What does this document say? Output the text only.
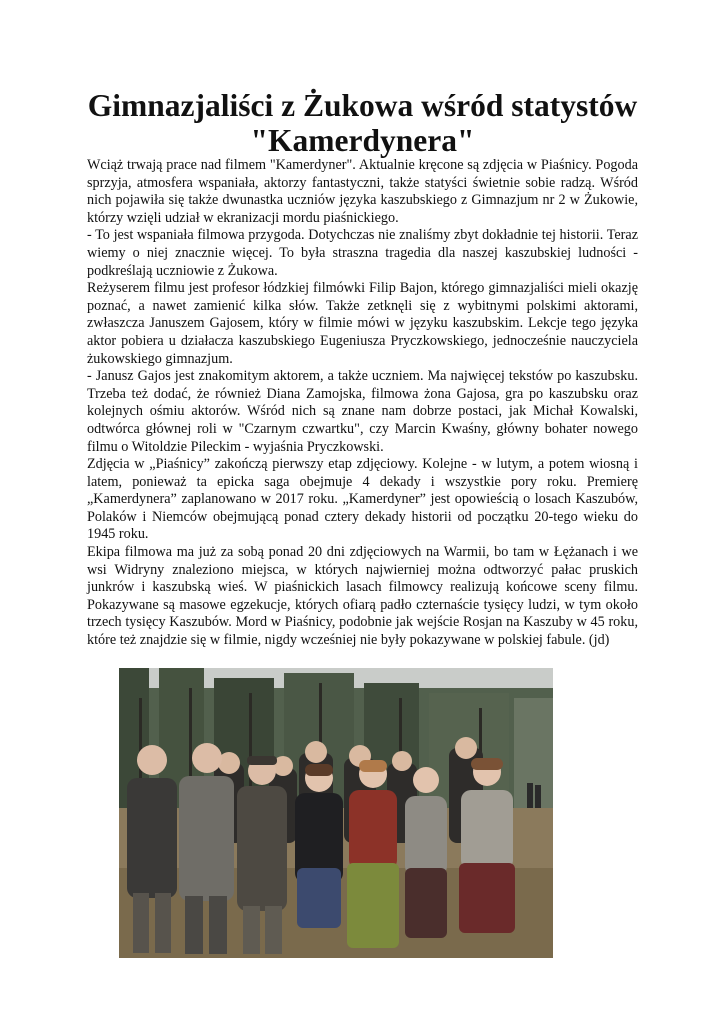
Gimnazjaliści z Żukowa wśród statystów "Kamerdynera"

Wciąż trwają prace nad filmem "Kamerdyner". Aktualnie kręcone są zdjęcia w Piaśnicy. Pogoda sprzyja, atmosfera wspaniała, aktorzy fantastyczni, także statyści świetnie sobie radzą. Wśród nich pojawiła się także dwunastka uczniów języka kaszubskiego z Gimnazjum nr 2 w Żukowie, którzy wzięli udział w ekranizacji mordu piaśnickiego.

- To jest wspaniała filmowa przygoda. Dotychczas nie znaliśmy zbyt dokładnie tej historii. Teraz wiemy o niej znacznie więcej. To była straszna tragedia dla naszej kaszubskiej ludności - podkreślają uczniowie z Żukowa.

Reżyserem filmu jest profesor łódzkiej filmówki Filip Bajon, którego gimnazjaliści mieli okazję poznać, a nawet zamienić kilka słów. Także zetknęli się z wybitnymi polskimi aktorami, zwłaszcza Januszem Gajosem, który w filmie mówi w języku kaszubskim. Lekcje tego języka aktor pobiera u działacza kaszubskiego Eugeniusza Pryczkowskiego, jednocześnie nauczyciela żukowskiego gimnazjum.

- Janusz Gajos jest znakomitym aktorem, a także uczniem. Ma najwięcej tekstów po kaszubsku. Trzeba też dodać, że również Diana Zamojska, filmowa żona Gajosa, gra po kaszubsku oraz kolejnych ośmiu aktorów. Wśród nich są znane nam dobrze postaci, jak Michał Kowalski, odtwórca głównej roli w "Czarnym czwartku", czy Marcin Kwaśny, główny bohater nowego filmu o Witoldzie Pileckim - wyjaśnia Pryczkowski.

Zdjęcia w „Piaśnicy” zakończą pierwszy etap zdjęciowy. Kolejne - w lutym, a potem wiosną i latem, ponieważ ta epicka saga obejmuje 4 dekady i wszystkie pory roku. Premierę „Kamerdynera” zaplanowano w 2017 roku. „Kamerdyner” jest opowieścią o losach Kaszubów, Polaków i Niemców obejmującą ponad cztery dekady historii od początku 20-tego wieku do 1945 roku.

Ekipa filmowa ma już za sobą ponad 20 dni zdjęciowych na Warmii, bo tam w Łężanach i we wsi Widryny znaleziono miejsca, w których najwierniej można odtworzyć pałac pruskich junkrów i kaszubską wieś. W piaśnickich lasach filmowcy realizują końcowe sceny filmu. Pokazywane są masowe egzekucje, których ofiarą padło czternaście tysięcy ludzi, w tym około trzech tysięcy Kaszubów. Mord w Piaśnicy, podobnie jak wejście Rosjan na Kaszuby w 45 roku, które też znajdzie się w filmie, nigdy wcześniej nie były pokazywane w polskiej fabule. (jd)
